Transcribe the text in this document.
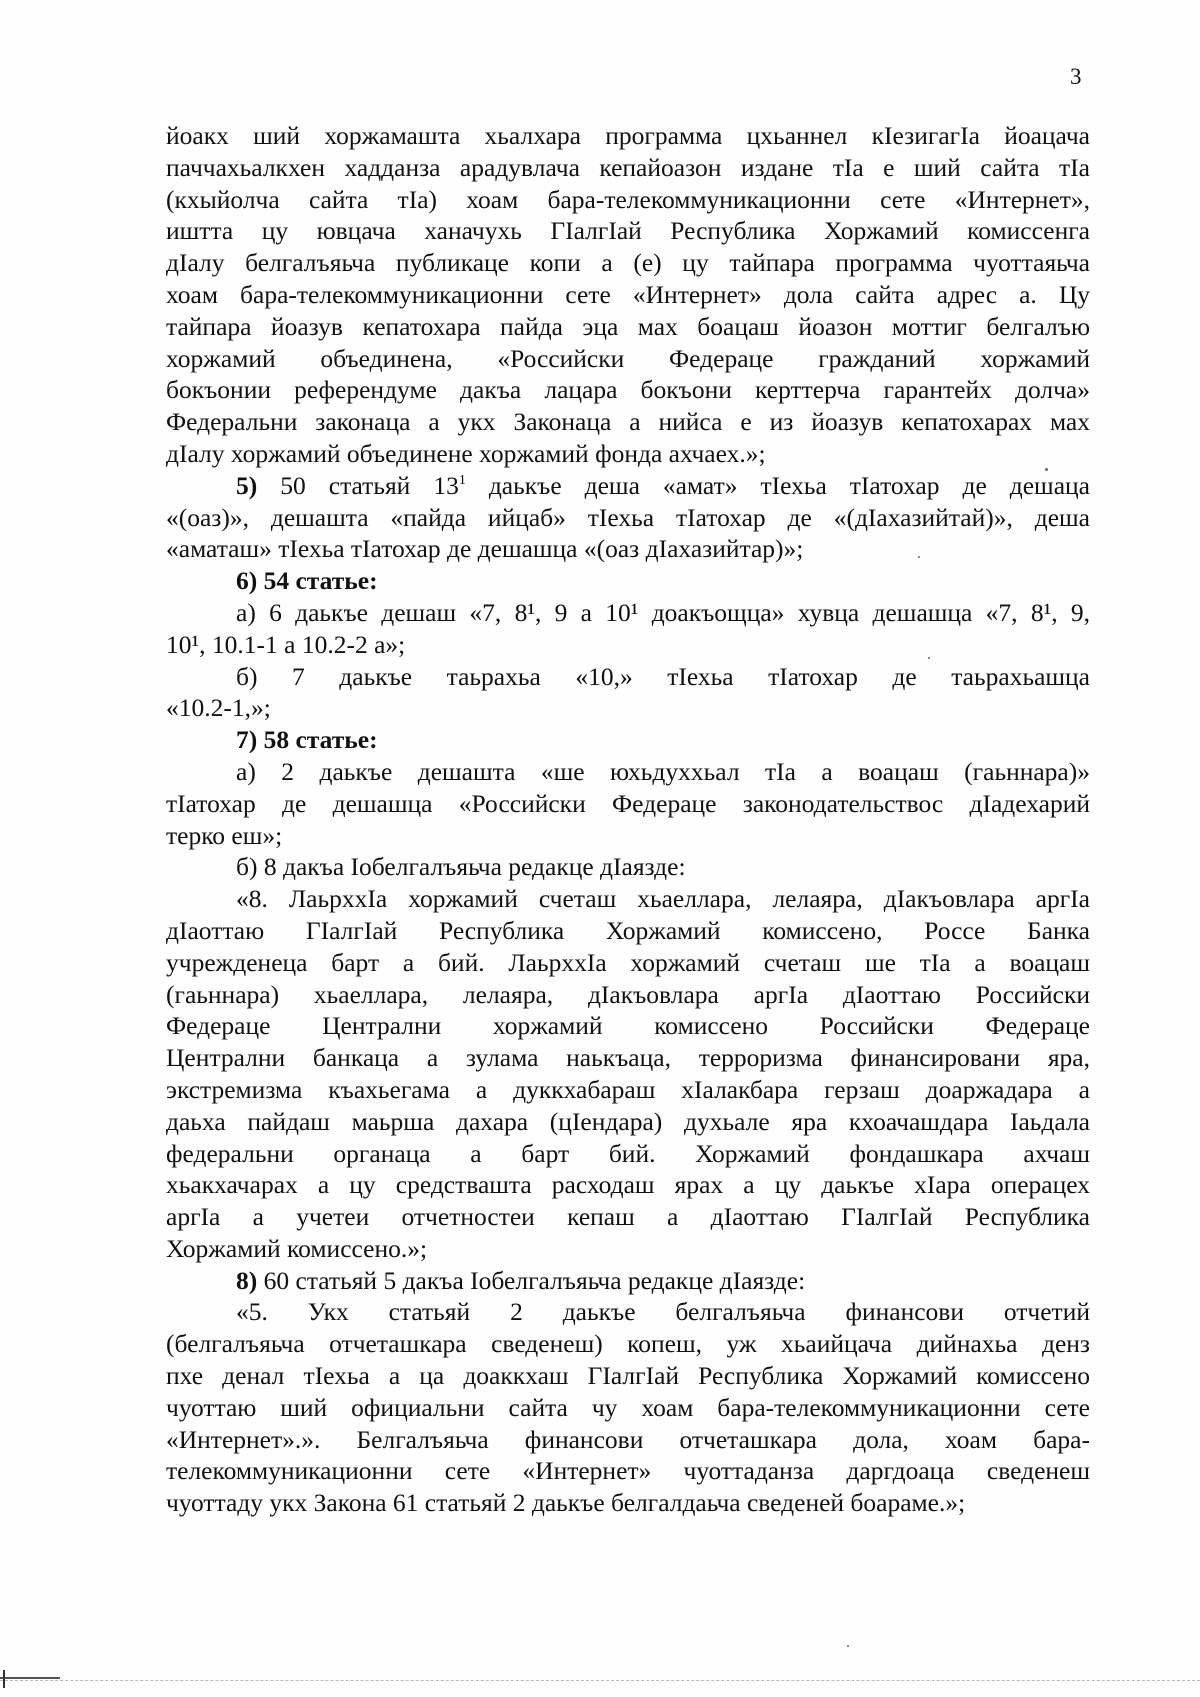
3
йоакх ший хоржамашта хьалхара программа цхьаннел кIезигагIа йоацача
паччахьалкхен хадданза арадувлача кепайоазон издане тIа е ший сайта тIа
(кхыйолча сайта тIа) хоам бара-телекоммуникационни сете «Интернет»,
иштта цу ювцача ханачухь ГIалгIай Республика Хоржамий комиссенга
дIалу белгалъяьча публикаце копи а (е) цу тайпара программа чуоттаяьча
хоам бара-телекоммуникационни сете «Интернет» дола сайта адрес а. Цу
тайпара йоазув кепатохара пайда эца мах боацаш йоазон моттиг белгалъю
хоржамий объединена, «Российски Федераце гражданий хоржамий
бокъонии референдуме дакъа лацара бокъони керттерча гарантейх долча»
Федеральни законаца а укх Законаца а нийса е из йоазув кепатохарах мах
дIалу хоржамий объединене хоржамий фонда ахчаех.»;
5) 50 статьяй $13^1$ даькъе деша «амат» тIехьа тIатохар де дешаца
«(оаз)», дешашта «пайда ийцаб» тIехьа тIатохар де «(дIахазийтай)», деша
«аматаш» тIехьа тIатохар де дешашца «(оаз дIахазийтар)»;
6) 54 статье:
а) 6 даькъе дешаш «7, 8¹, 9 а 10¹ доакъощца» хувца дешашца «7, 8¹, 9,
10¹, 10.1-1 а 10.2-2 а»;
б) 7 даькъе таьрахьа «10,» тIехьа тIатохар де таьрахьашца
«10.2-1,»;
7) 58 статье:
а) 2 даькъе дешашта «ше юхьдуххьал тIа а воацаш (гаьннара)»
тIатохар де дешашца «Российски Федераце законодательствос дIадехарий
терко еш»;
б) 8 дакъа Iобелгалъяьча редакце дIаязде:
«8. ЛаьрххIа хоржамий счеташ хьаеллара, лелаяра, дIакъовлара аргIа
дIаоттаю ГIалгIай Республика Хоржамий комиссено, Россе Банка
учрежденеца барт а бий. ЛаьрххIа хоржамий счеташ ше тIа а воацаш
(гаьннара) хьаеллара, лелаяра, дIакъовлара аргIа дIаоттаю Российски
Федераце Централни хоржамий комиссено Российски Федераце
Централни банкаца а зулама наькъаца, терроризма финансировани яра,
экстремизма къахьегама а дуккхабараш хIалакбара герзаш доаржадара а
даьха пайдаш маьрша дахара (цIендара) духьале яра кхоачашдара Iаьдала
федеральни органаца а барт бий. Хоржамий фондашкара ахчаш
хьакхачарах а цу средствашта расходаш ярах а цу даькъе хIара операцех
аргIа а учетеи отчетностеи кепаш а дIаоттаю ГIалгIай Республика
Хоржамий комиссено.»;
8) 60 статьяй 5 дакъа Iобелгалъяьча редакце дIаязде:
«5. Укх статьяй 2 даькъе белгалъяьча финансови отчетий
(белгалъяьча отчеташкара сведенеш) копеш, уж хьаийцача дийнахьа денз
пхе денал тIехьа а ца доаккхаш ГIалгIай Республика Хоржамий комиссено
чуоттаю ший официальни сайта чу хоам бара-телекоммуникационни сете
«Интернет».». Белгалъяьча финансови отчеташкара дола, хоам бара-
телекоммуникационни сете «Интернет» чуоттаданза даргдоаца сведенеш
чуоттаду укх Закона 61 статьяй 2 даькъе белгалдаьча сведеней боараме.»;
